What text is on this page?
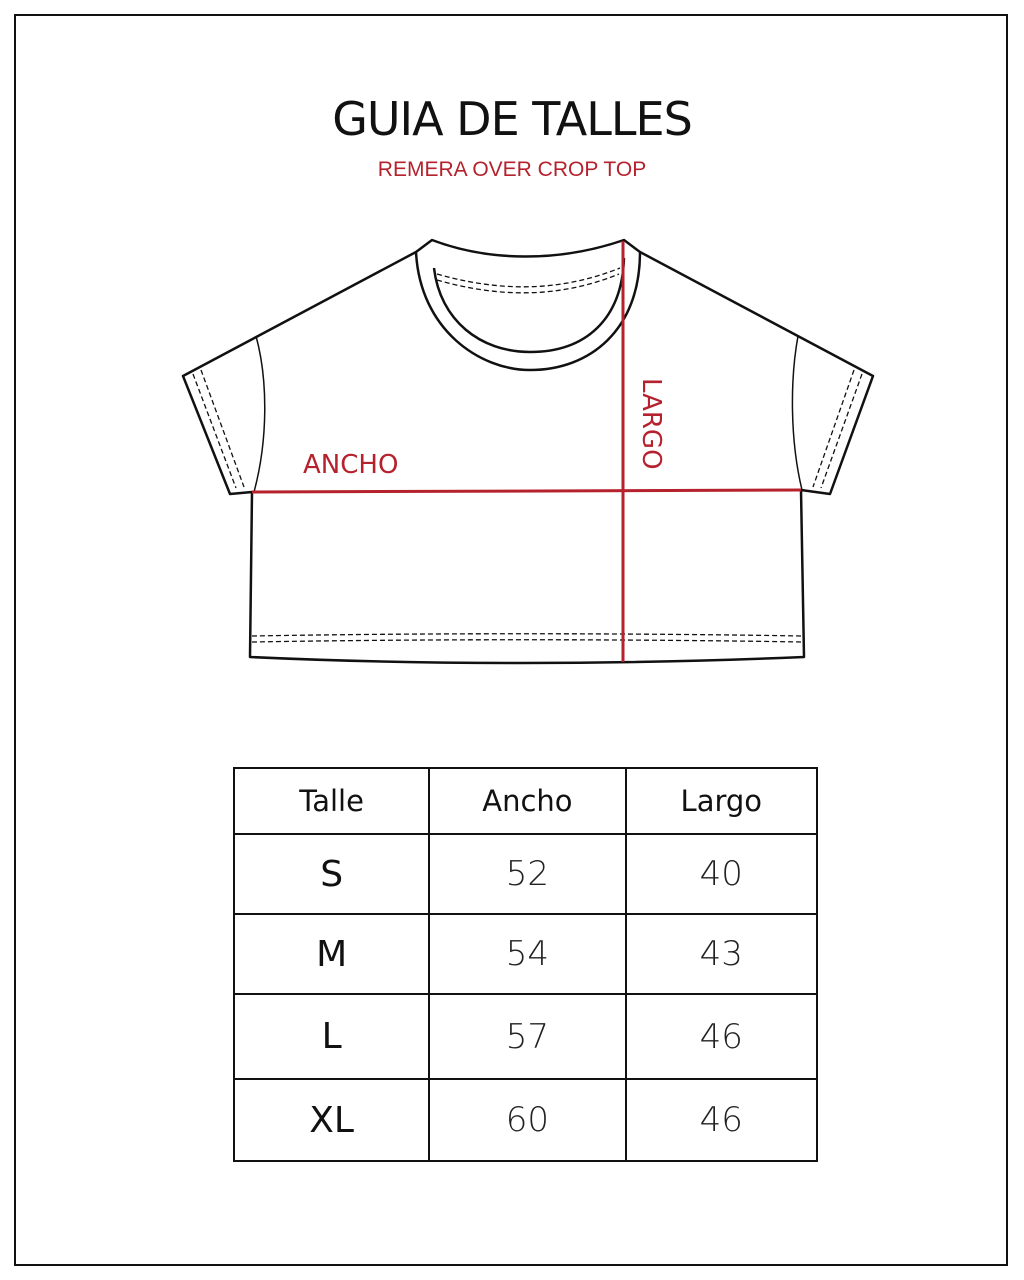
GUIA DE TALLES
REMERA OVER CROP TOP
ANCHO	LARGO
Talle	Ancho	Largo
S	52	40
M	54	43
L	57	46
XL	60	46
